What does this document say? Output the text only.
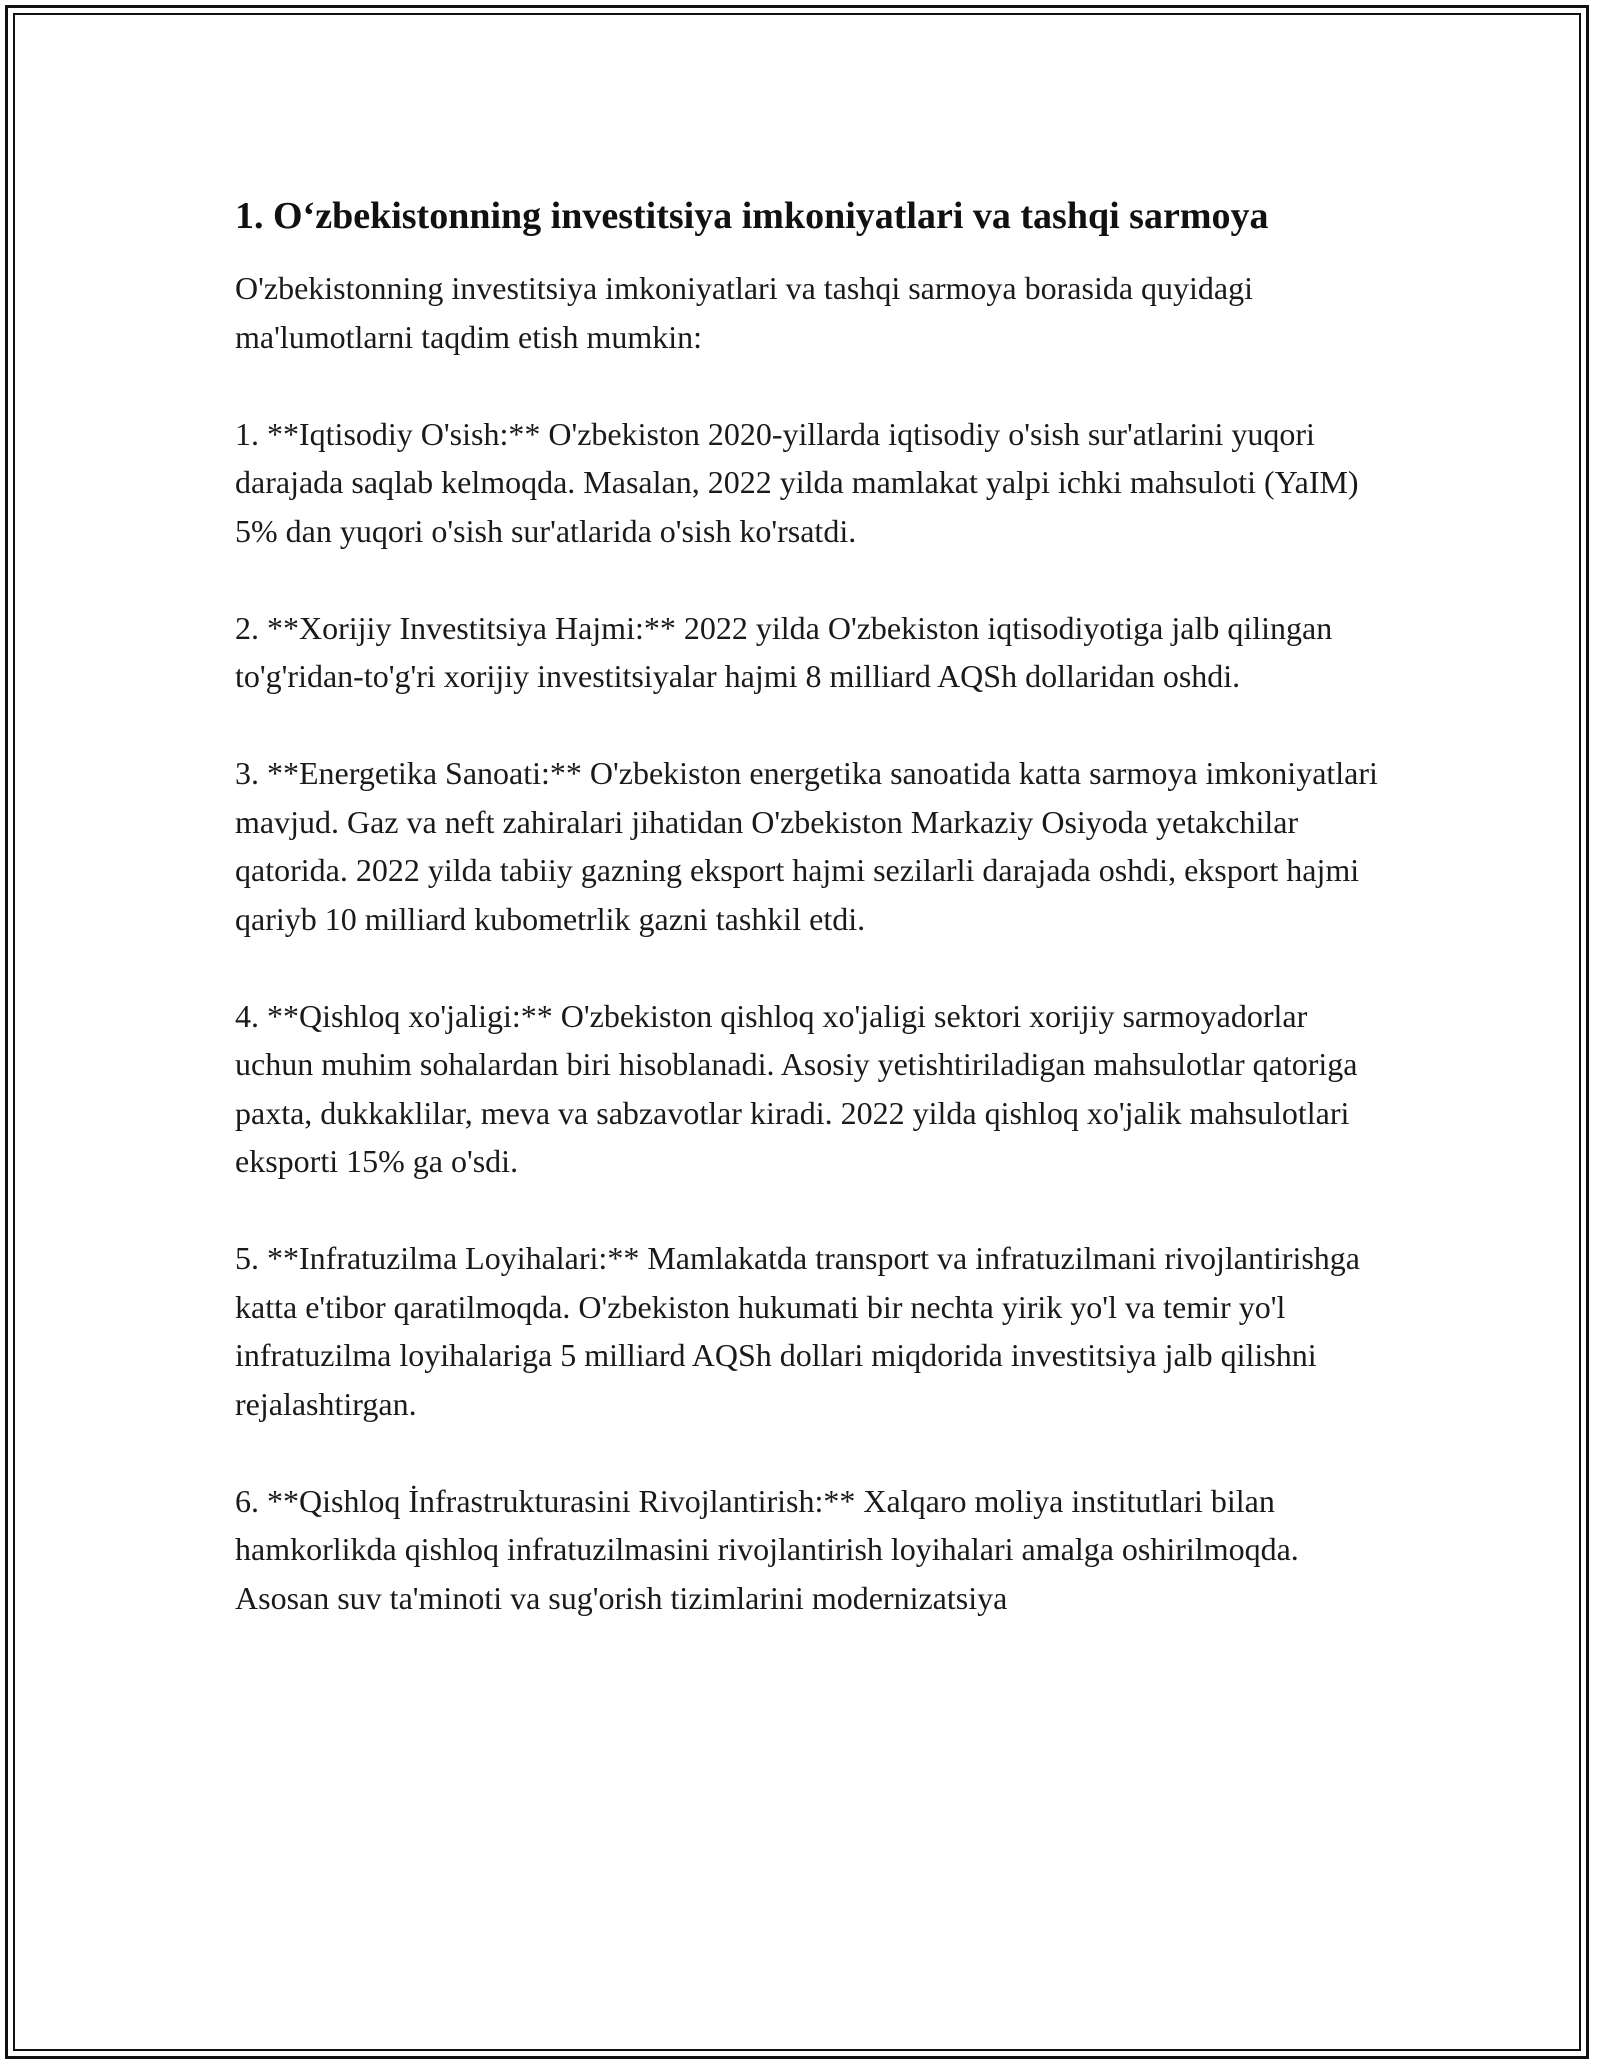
1. O‘zbekistonning investitsiya imkoniyatlari va tashqi sarmoya

O'zbekistonning investitsiya imkoniyatlari va tashqi sarmoya borasida quyidagi ma'lumotlarni taqdim etish mumkin:

1. **Iqtisodiy O'sish:** O'zbekiston 2020-yillarda iqtisodiy o'sish sur'atlarini yuqori darajada saqlab kelmoqda. Masalan, 2022 yilda mamlakat yalpi ichki mahsuloti (YaIM) 5% dan yuqori o'sish sur'atlarida o'sish ko'rsatdi.

2. **Xorijiy Investitsiya Hajmi:** 2022 yilda O'zbekiston iqtisodiyotiga jalb qilingan to'g'ridan-to'g'ri xorijiy investitsiyalar hajmi 8 milliard AQSh dollaridan oshdi.

3. **Energetika Sanoati:** O'zbekiston energetika sanoatida katta sarmoya imkoniyatlari mavjud. Gaz va neft zahiralari jihatidan O'zbekiston Markaziy Osiyoda yetakchilar qatorida. 2022 yilda tabiiy gazning eksport hajmi sezilarli darajada oshdi, eksport hajmi qariyb 10 milliard kubometrlik gazni tashkil etdi.

4. **Qishloq xo'jaligi:** O'zbekiston qishloq xo'jaligi sektori xorijiy sarmoyadorlar uchun muhim sohalardan biri hisoblanadi. Asosiy yetishtiriladigan mahsulotlar qatoriga paxta, dukkaklilar, meva va sabzavotlar kiradi. 2022 yilda qishloq xo'jalik mahsulotlari eksporti 15% ga o'sdi.

5. **Infratuzilma Loyihalari:** Mamlakatda transport va infratuzilmani rivojlantirishga katta e'tibor qaratilmoqda. O'zbekiston hukumati bir nechta yirik yo'l va temir yo'l infratuzilma loyihalariga 5 milliard AQSh dollari miqdorida investitsiya jalb qilishni rejalashtirgan.

6. **Qishloq İnfrastrukturasini Rivojlantirish:** Xalqaro moliya institutlari bilan hamkorlikda qishloq infratuzilmasini rivojlantirish loyihalari amalga oshirilmoqda. Asosan suv ta'minoti va sug'orish tizimlarini modernizatsiya
